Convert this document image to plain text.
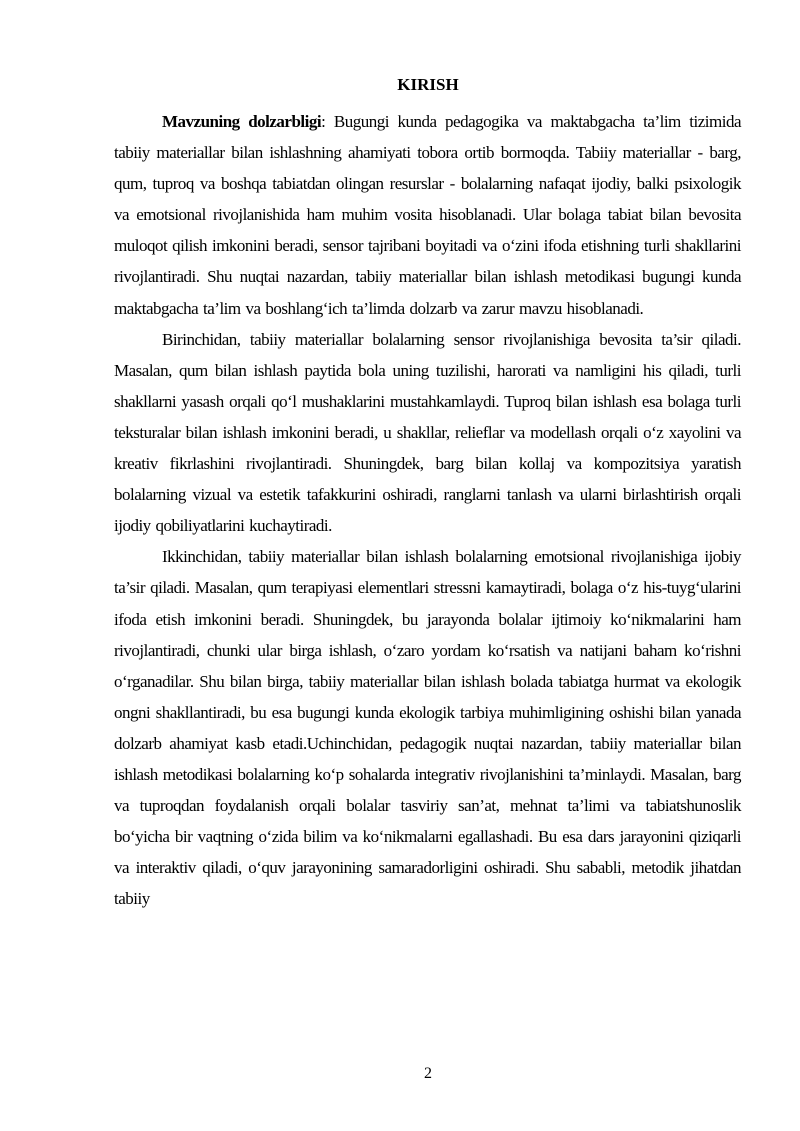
KIRISH

Mavzuning dolzarbligi: Bugungi kunda pedagogika va maktabgacha ta’lim tizimida tabiiy materiallar bilan ishlashning ahamiyati tobora ortib bormoqda. Tabiiy materiallar - barg, qum, tuproq va boshqa tabiatdan olingan resurslar - bolalarning nafaqat ijodiy, balki psixologik va emotsional rivojlanishida ham muhim vosita hisoblanadi. Ular bolaga tabiat bilan bevosita muloqot qilish imkonini beradi, sensor tajribani boyitadi va o‘zini ifoda etishning turli shakllarini rivojlantiradi. Shu nuqtai nazardan, tabiiy materiallar bilan ishlash metodikasi bugungi kunda maktabgacha ta’lim va boshlang‘ich ta’limda dolzarb va zarur mavzu hisoblanadi.

Birinchidan, tabiiy materiallar bolalarning sensor rivojlanishiga bevosita ta’sir qiladi. Masalan, qum bilan ishlash paytida bola uning tuzilishi, harorati va namligini his qiladi, turli shakllarni yasash orqali qo‘l mushaklarini mustahkamlaydi. Tuproq bilan ishlash esa bolaga turli teksturalar bilan ishlash imkonini beradi, u shakllar, relieflar va modellash orqali o‘z xayolini va kreativ fikrlashini rivojlantiradi. Shuningdek, barg bilan kollaj va kompozitsiya yaratish bolalarning vizual va estetik tafakkurini oshiradi, ranglarni tanlash va ularni birlashtirish orqali ijodiy qobiliyatlarini kuchaytiradi.

Ikkinchidan, tabiiy materiallar bilan ishlash bolalarning emotsional rivojlanishiga ijobiy ta’sir qiladi. Masalan, qum terapiyasi elementlari stressni kamaytiradi, bolaga o‘z his-tuyg‘ularini ifoda etish imkonini beradi. Shuningdek, bu jarayonda bolalar ijtimoiy ko‘nikmalarini ham rivojlantiradi, chunki ular birga ishlash, o‘zaro yordam ko‘rsatish va natijani baham ko‘rishni o‘rganadilar. Shu bilan birga, tabiiy materiallar bilan ishlash bolada tabiatga hurmat va ekologik ongni shakllantiradi, bu esa bugungi kunda ekologik tarbiya muhimligining oshishi bilan yanada dolzarb ahamiyat kasb etadi.Uchinchidan, pedagogik nuqtai nazardan, tabiiy materiallar bilan ishlash metodikasi bolalarning ko‘p sohalarda integrativ rivojlanishini ta’minlaydi. Masalan, barg va tuproqdan foydalanish orqali bolalar tasviriy san’at, mehnat ta’limi va tabiatshunoslik bo‘yicha bir vaqtning o‘zida bilim va ko‘nikmalarni egallashadi. Bu esa dars jarayonini qiziqarli va interaktiv qiladi, o‘quv jarayonining samaradorligini oshiradi. Shu sababli, metodik jihatdan tabiiy

2
